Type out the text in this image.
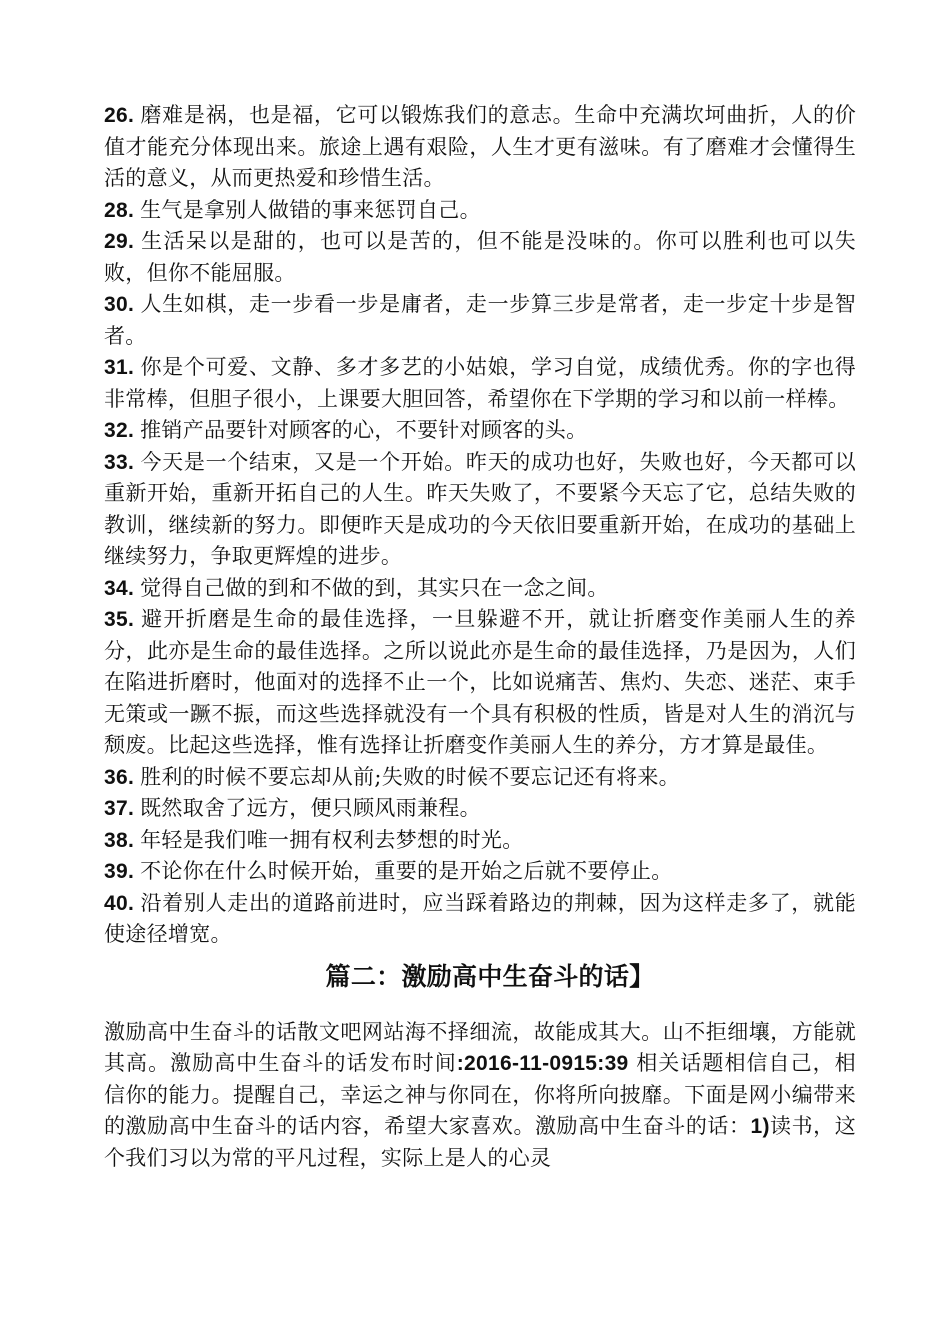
26. 磨难是祸，也是福，它可以锻炼我们的意志。生命中充满坎坷曲折，人的价值才能充分体现出来。旅途上遇有艰险，人生才更有滋味。有了磨难才会懂得生活的意义，从而更热爱和珍惜生活。

28. 生气是拿别人做错的事来惩罚自己。

29. 生活呆以是甜的，也可以是苦的，但不能是没味的。你可以胜利也可以失败，但你不能屈服。

30. 人生如棋，走一步看一步是庸者，走一步算三步是常者，走一步定十步是智者。

31. 你是个可爱、文静、多才多艺的小姑娘，学习自觉，成绩优秀。你的字也得非常棒，但胆子很小，上课要大胆回答，希望你在下学期的学习和以前一样棒。

32. 推销产品要针对顾客的心，不要针对顾客的头。

33. 今天是一个结束，又是一个开始。昨天的成功也好，失败也好，今天都可以重新开始，重新开拓自己的人生。昨天失败了，不要紧今天忘了它，总结失败的教训，继续新的努力。即便昨天是成功的今天依旧要重新开始，在成功的基础上继续努力，争取更辉煌的进步。

34. 觉得自己做的到和不做的到，其实只在一念之间。

35. 避开折磨是生命的最佳选择，一旦躲避不开，就让折磨变作美丽人生的养分，此亦是生命的最佳选择。之所以说此亦是生命的最佳选择，乃是因为，人们在陷进折磨时，他面对的选择不止一个，比如说痛苦、焦灼、失恋、迷茫、束手无策或一蹶不振，而这些选择就没有一个具有积极的性质，皆是对人生的消沉与颓废。比起这些选择，惟有选择让折磨变作美丽人生的养分，方才算是最佳。

36. 胜利的时候不要忘却从前;失败的时候不要忘记还有将来。

37. 既然取舍了远方，便只顾风雨兼程。

38. 年轻是我们唯一拥有权利去梦想的时光。

39. 不论你在什么时候开始，重要的是开始之后就不要停止。

40. 沿着别人走出的道路前进时，应当踩着路边的荆棘，因为这样走多了，就能使途径增宽。

篇二：激励高中生奋斗的话】

激励高中生奋斗的话散文吧网站海不择细流，故能成其大。山不拒细壤，方能就其高。激励高中生奋斗的话发布时间:2016-11-0915:39 相关话题相信自己，相信你的能力。提醒自己，幸运之神与你同在，你将所向披靡。下面是网小编带来的激励高中生奋斗的话内容，希望大家喜欢。激励高中生奋斗的话：1)读书，这个我们习以为常的平凡过程，实际上是人的心灵
